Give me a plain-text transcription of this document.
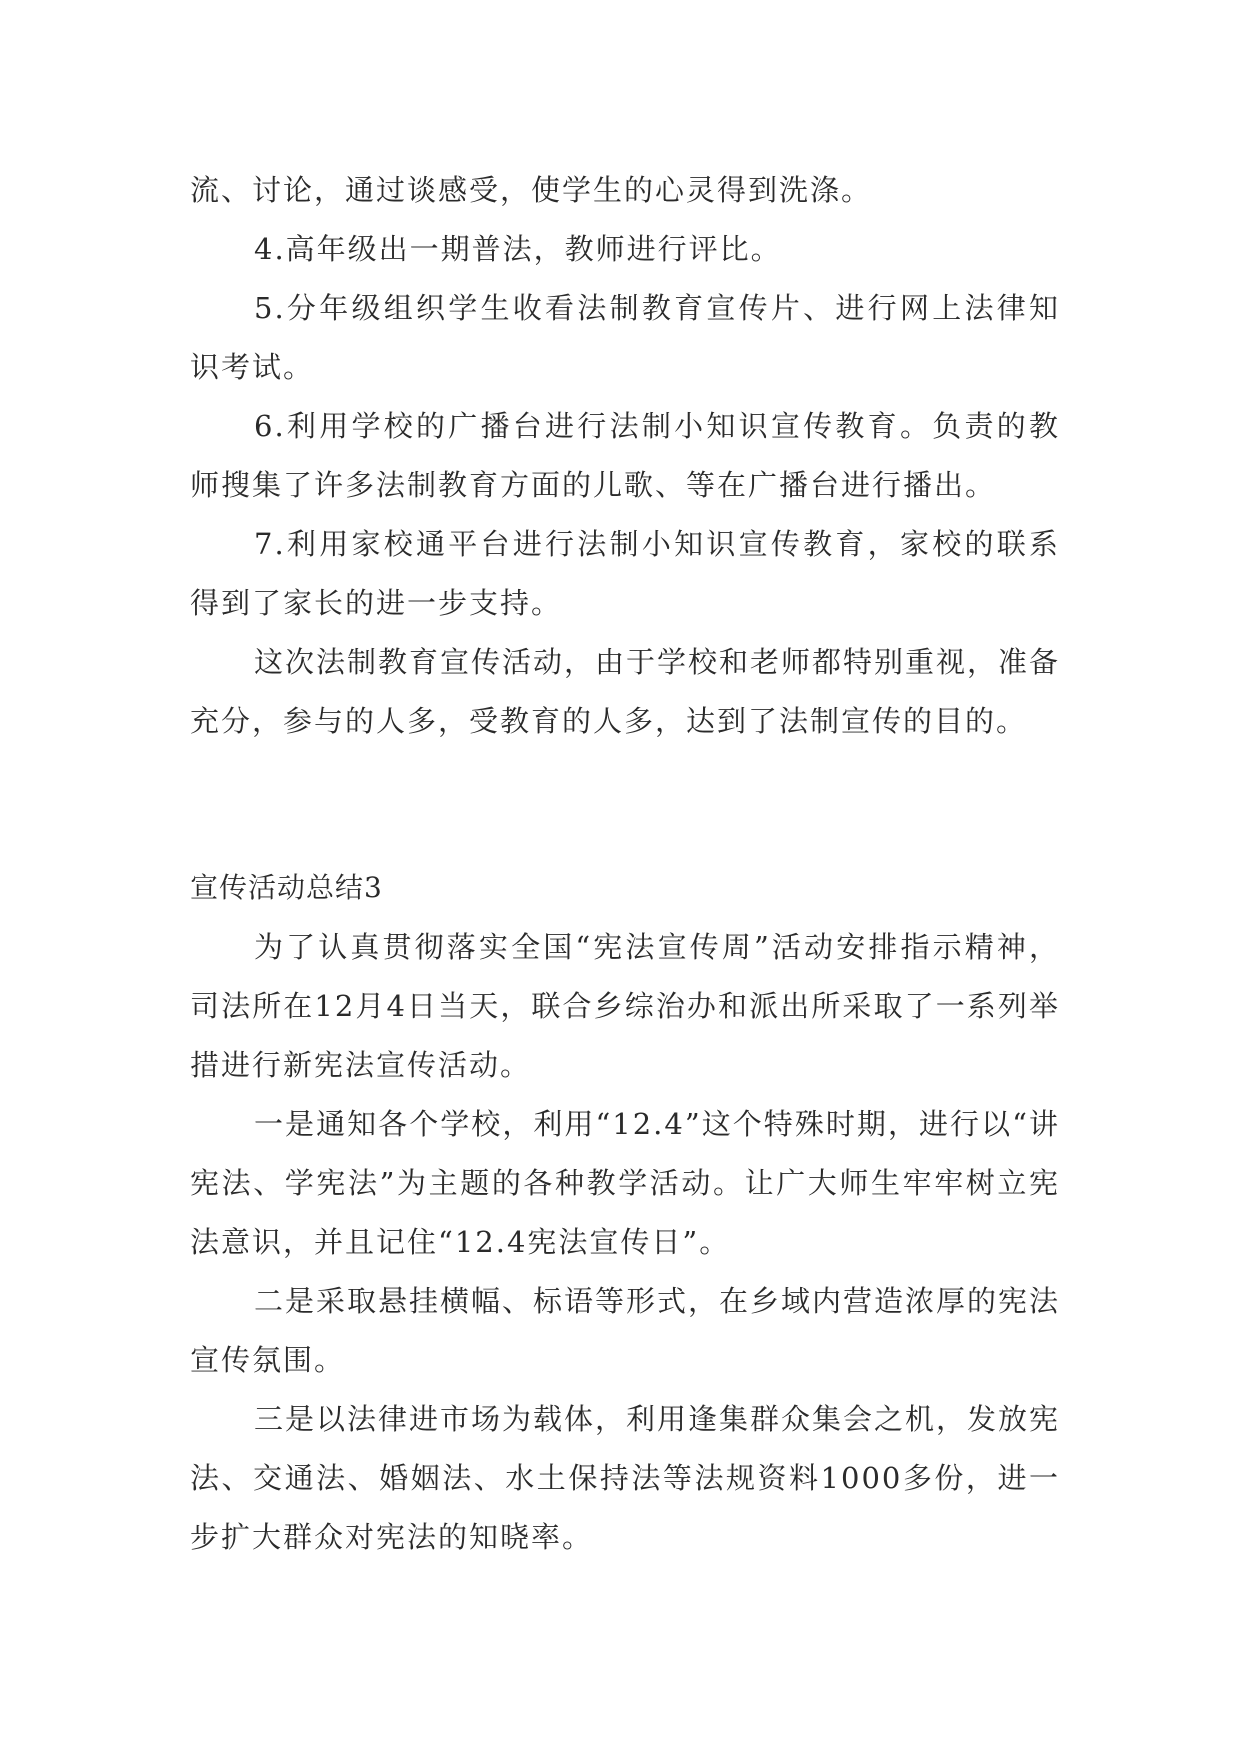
流、讨论，通过谈感受，使学生的心灵得到洗涤。

4.高年级出一期普法，教师进行评比。

5.分年级组织学生收看法制教育宣传片、进行网上法律知识考试。

6.利用学校的广播台进行法制小知识宣传教育。负责的教师搜集了许多法制教育方面的儿歌、等在广播台进行播出。

7.利用家校通平台进行法制小知识宣传教育，家校的联系得到了家长的进一步支持。

这次法制教育宣传活动，由于学校和老师都特别重视，准备充分，参与的人多，受教育的人多，达到了法制宣传的目的。

宣传活动总结3

为了认真贯彻落实全国“宪法宣传周”活动安排指示精神，司法所在12月4日当天，联合乡综治办和派出所采取了一系列举措进行新宪法宣传活动。

一是通知各个学校，利用“12.4”这个特殊时期，进行以“讲宪法、学宪法”为主题的各种教学活动。让广大师生牢牢树立宪法意识，并且记住“12.4宪法宣传日”。

二是采取悬挂横幅、标语等形式，在乡域内营造浓厚的宪法宣传氛围。

三是以法律进市场为载体，利用逢集群众集会之机，发放宪法、交通法、婚姻法、水土保持法等法规资料1000多份，进一步扩大群众对宪法的知晓率。
